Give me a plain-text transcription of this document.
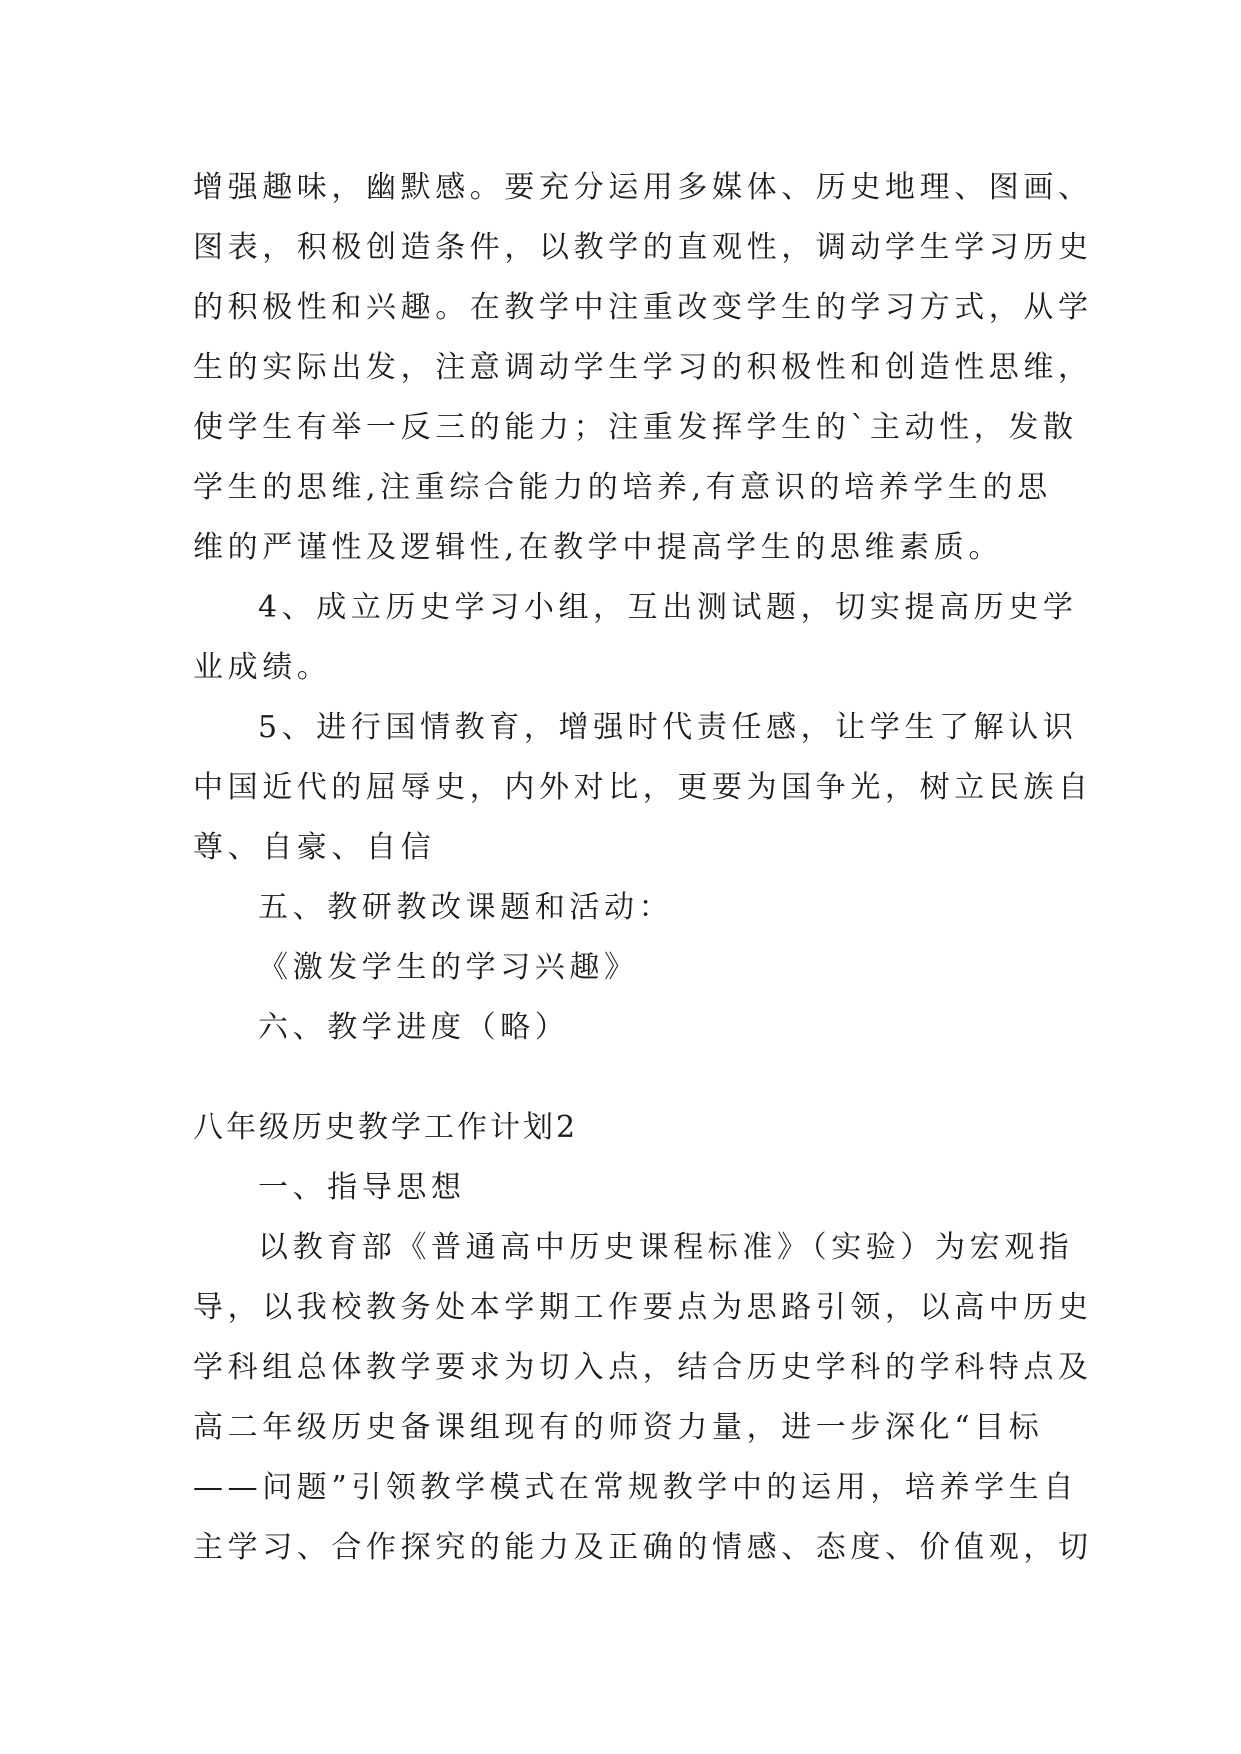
增强趣味，幽默感。要充分运用多媒体、历史地理、图画、
图表，积极创造条件，以教学的直观性，调动学生学习历史
的积极性和兴趣。在教学中注重改变学生的学习方式，从学
生的实际出发，注意调动学生学习的积极性和创造性思维，
使学生有举一反三的能力；注重发挥学生的`主动性，发散
学生的思维,注重综合能力的培养,有意识的培养学生的思
维的严谨性及逻辑性,在教学中提高学生的思维素质。
4、成立历史学习小组，互出测试题，切实提高历史学
业成绩。
5、进行国情教育，增强时代责任感，让学生了解认识
中国近代的屈辱史，内外对比，更要为国争光，树立民族自
尊、自豪、自信
五、教研教改课题和活动：
《激发学生的学习兴趣》
六、教学进度（略）
八年级历史教学工作计划2
一、指导思想
以教育部《普通高中历史课程标准》（实验）为宏观指
导，以我校教务处本学期工作要点为思路引领，以高中历史
学科组总体教学要求为切入点，结合历史学科的学科特点及
高二年级历史备课组现有的师资力量，进一步深化“目标
——问题”引领教学模式在常规教学中的运用，培养学生自
主学习、合作探究的能力及正确的情感、态度、价值观，切
